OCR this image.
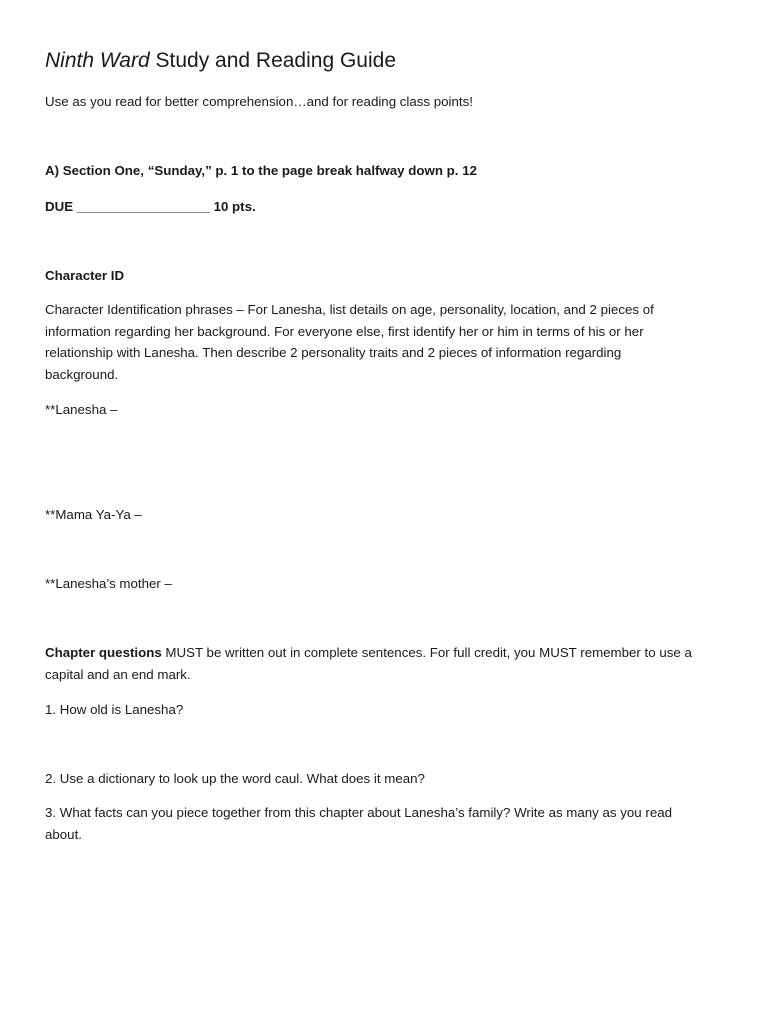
Ninth Ward Study and Reading Guide
Use as you read for better comprehension…and for reading class points!
A) Section One, “Sunday,” p. 1 to the page break halfway down p. 12
DUE __________________ 10 pts.
Character ID
Character Identification phrases – For Lanesha, list details on age, personality, location, and 2 pieces of
information regarding her background. For everyone else, first identify her or him in terms of his or her
relationship with Lanesha. Then describe 2 personality traits and 2 pieces of information regarding
background.
**Lanesha –
**Mama Ya-Ya –
**Lanesha’s mother –
Chapter questions MUST be written out in complete sentences. For full credit, you MUST remember to use a
capital and an end mark.
1. How old is Lanesha?
2. Use a dictionary to look up the word caul. What does it mean?
3. What facts can you piece together from this chapter about Lanesha’s family? Write as many as you read
about.
